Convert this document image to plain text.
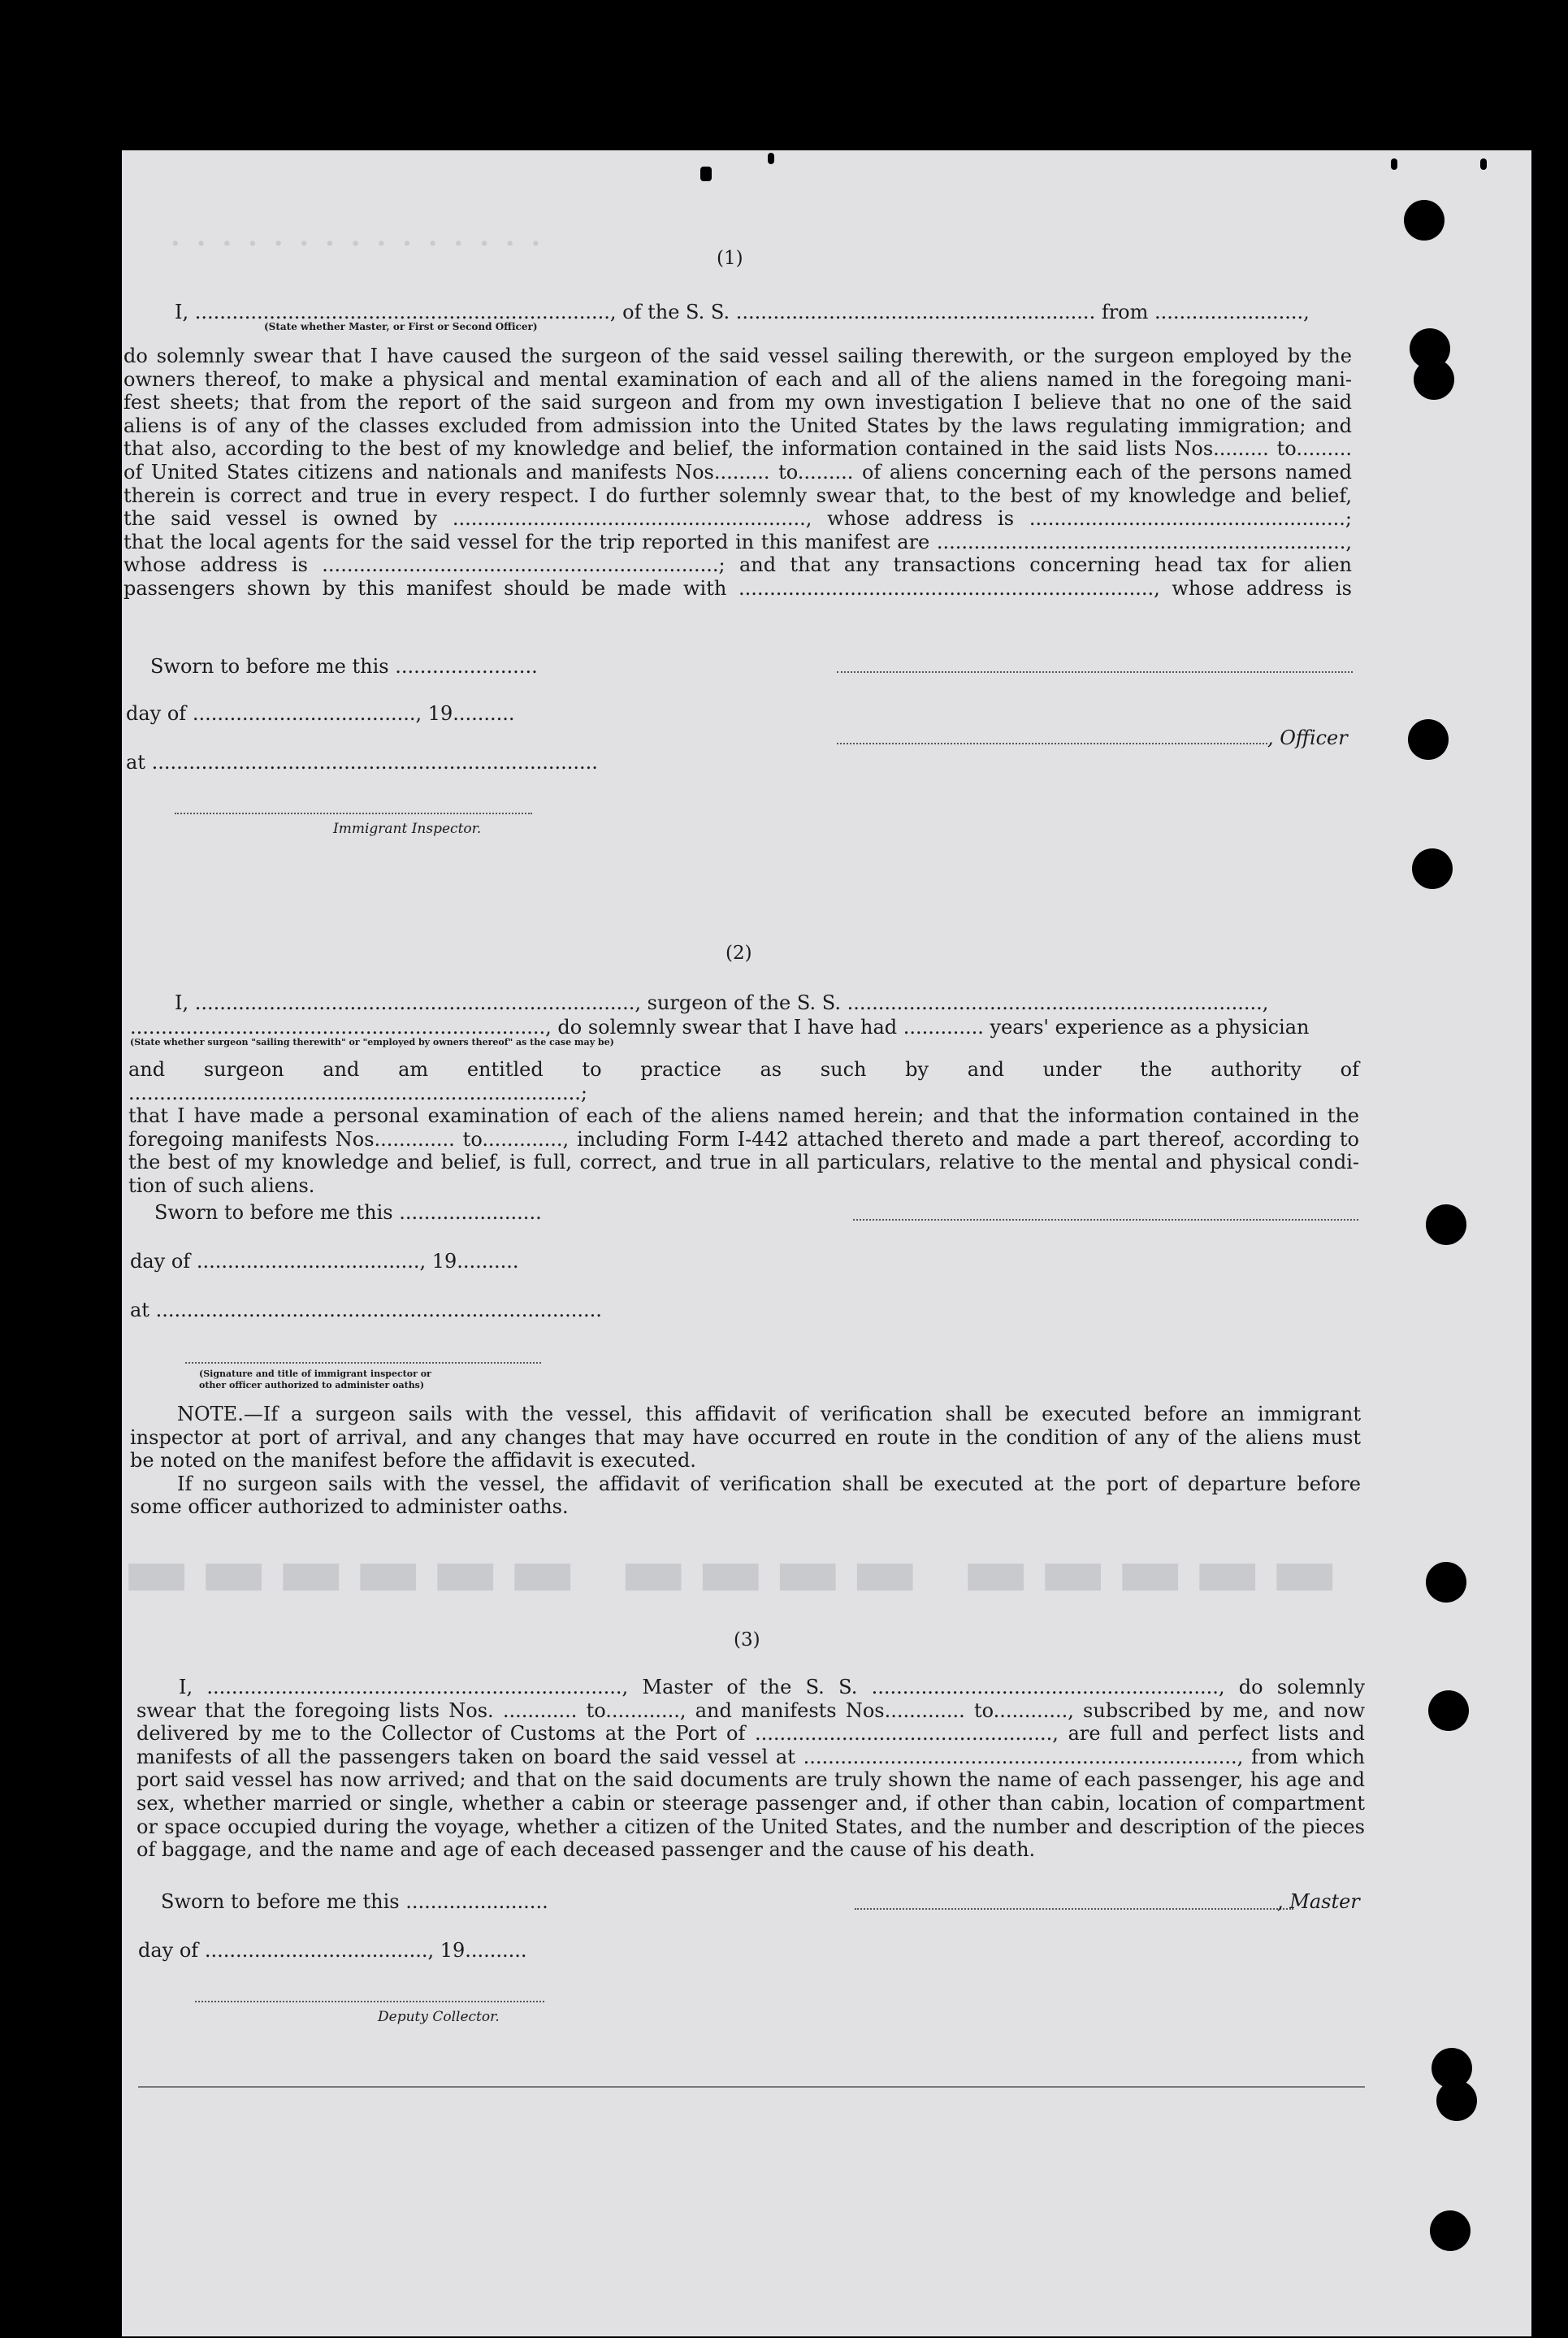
· · · · · · · · · · · · · · ·
▬▬▬▬▬▬ ▬▬▬▬ ▬▬▬▬▬
(1)
I, ..................................................................., of the S. S. .......................................................... from ........................,
(State whether Master, or First or Second Officer)

do solemnly swear that I have caused the surgeon of the said vessel sailing therewith, or the surgeon employed by the

owners thereof, to make a physical and mental examination of each and all of the aliens named in the foregoing mani-

fest sheets; that from the report of the said surgeon and from my own investigation I believe that no one of the said

aliens is of any of the classes excluded from admission into the United States by the laws regulating immigration; and

that also, according to the best of my knowledge and belief, the information contained in the said lists Nos......... to.........

of United States citizens and nationals and manifests Nos......... to......... of aliens concerning each of the persons named

therein is correct and true in every respect. I do further solemnly swear that, to the best of my knowledge and belief,

the said vessel is owned by ........................................................., whose address is ...................................................;

that the local agents for the said vessel for the trip reported in this manifest are ..................................................................,

whose address is ................................................................; and that any transactions concerning head tax for alien

passengers shown by this manifest should be made with ..................................................................., whose address is

Sworn to before me this .......................
day of ...................................., 19..........
, Officer
at ........................................................................
Immigrant Inspector.
(2)
I, ......................................................................., surgeon of the S. S. ...................................................................,
..................................................................., do solemnly swear that I have had ............. years' experience as a physician
(State whether surgeon "sailing therewith" or "employed by owners thereof" as the case may be)

and surgeon and am entitled to practice as such by and under the authority of .........................................................................;

that I have made a personal examination of each of the aliens named herein; and that the information contained in the

foregoing manifests Nos............. to............., including Form I-442 attached thereto and made a part thereof, according to

the best of my knowledge and belief, is full, correct, and true in all particulars, relative to the mental and physical condi-

tion of such aliens.

Sworn to before me this .......................
day of ...................................., 19..........
at ........................................................................
(Signature and title of immigrant inspector or
other officer authorized to administer oaths)

NOTE.—If a surgeon sails with the vessel, this affidavit of verification shall be executed before an immigrant

inspector at port of arrival, and any changes that may have occurred en route in the condition of any of the aliens must

be noted on the manifest before the affidavit is executed.

If no surgeon sails with the vessel, the affidavit of verification shall be executed at the port of departure before

some officer authorized to administer oaths.

(3)

I, ..................................................................., Master of the S. S. ........................................................, do solemnly

swear that the foregoing lists Nos. ............ to............, and manifests Nos............. to............, subscribed by me, and now

delivered by me to the Collector of Customs at the Port of ................................................, are full and perfect lists and

manifests of all the passengers taken on board the said vessel at ......................................................................, from which

port said vessel has now arrived; and that on the said documents are truly shown the name of each passenger, his age and

sex, whether married or single, whether a cabin or steerage passenger and, if other than cabin, location of compartment

or space occupied during the voyage, whether a citizen of the United States, and the number and description of the pieces

of baggage, and the name and age of each deceased passenger and the cause of his death.

Sworn to before me this .......................	, Master
day of ...................................., 19..........
Deputy Collector.
